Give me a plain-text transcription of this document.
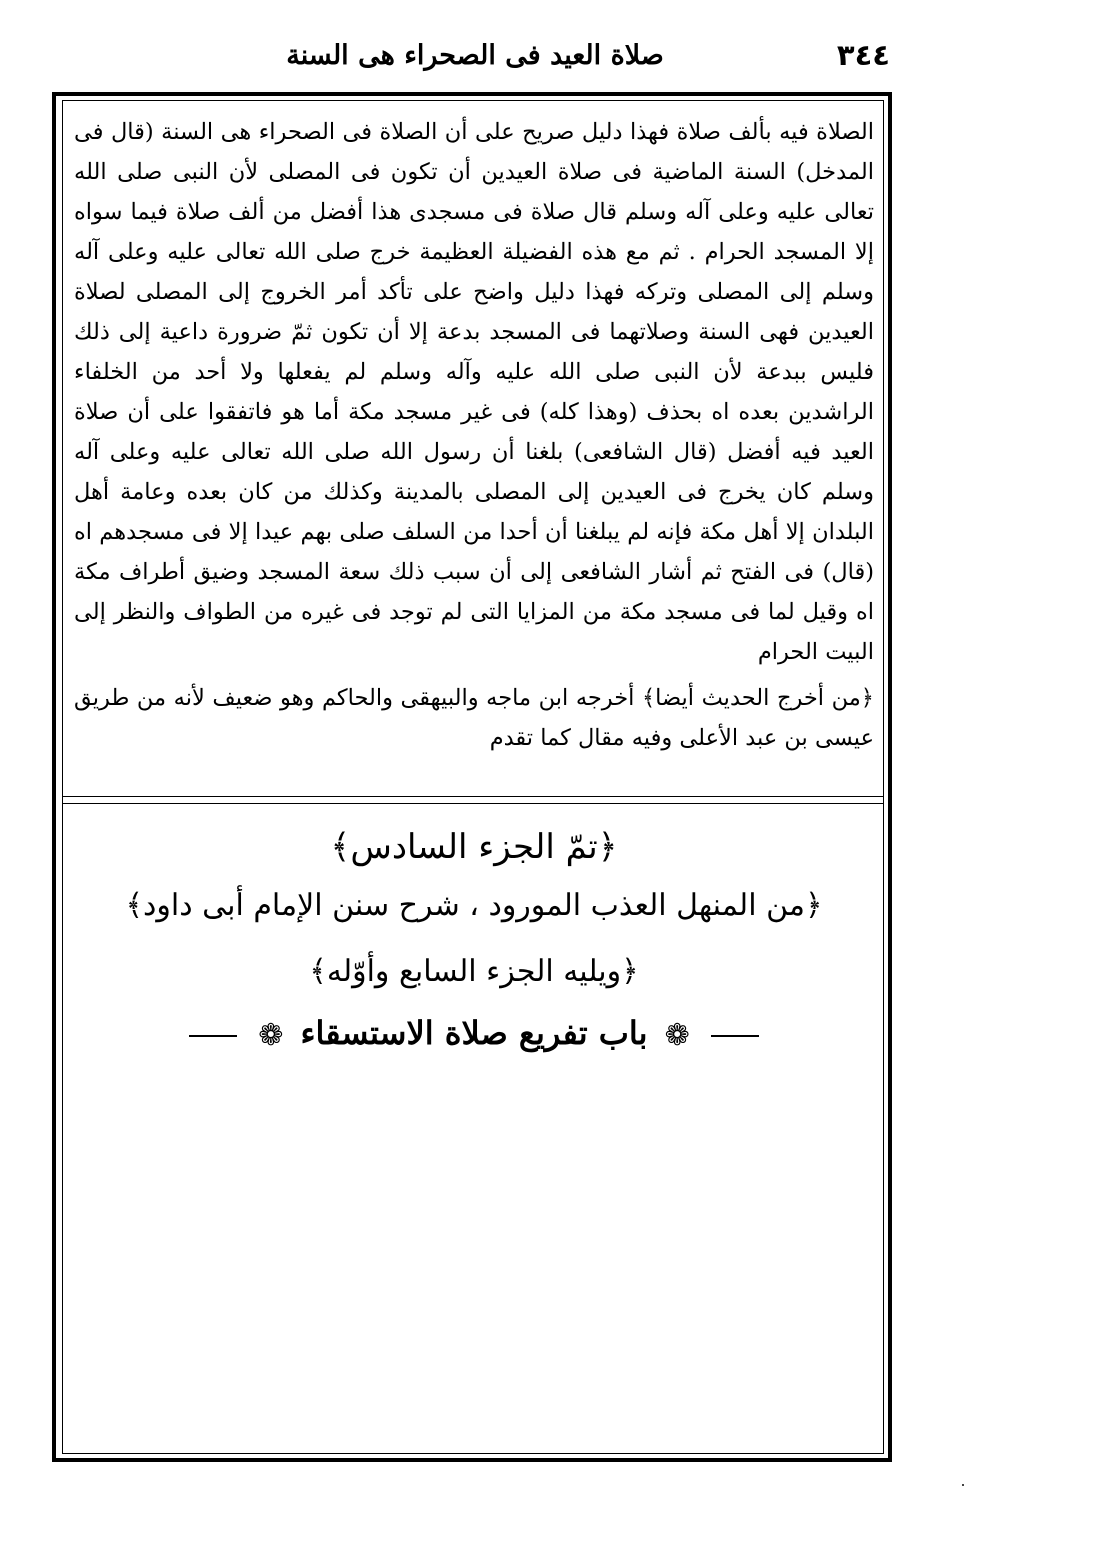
٣٤٤
صلاة العيد فى الصحراء هى السنة

الصلاة فيه بألف صلاة فهذا دليل صريح على أن الصلاة فى الصحراء هى السنة (قال فى المدخل) السنة الماضية فى صلاة العيدين أن تكون فى المصلى لأن النبى صلى الله تعالى عليه وعلى آله وسلم قال صلاة فى مسجدى هذا أفضل من ألف صلاة فيما سواه إلا المسجد الحرام . ثم مع هذه الفضيلة العظيمة خرج صلى الله تعالى عليه وعلى آله وسلم إلى المصلى وتركه فهذا دليل واضح على تأكد أمر الخروج إلى المصلى لصلاة العيدين فهى السنة وصلاتهما فى المسجد بدعة إلا أن تكون ثمّ ضرورة داعية إلى ذلك فليس ببدعة لأن النبى صلى الله عليه وآله وسلم لم يفعلها ولا أحد من الخلفاء الراشدين بعده اه بحذف (وهذا كله) فى غير مسجد مكة أما هو فاتفقوا على أن صلاة العيد فيه أفضل (قال الشافعى) بلغنا أن رسول الله صلى الله تعالى عليه وعلى آله وسلم كان يخرج فى العيدين إلى المصلى بالمدينة وكذلك من كان بعده وعامة أهل البلدان إلا أهل مكة فإنه لم يبلغنا أن أحدا من السلف صلى بهم عيدا إلا فى مسجدهم اه (قال) فى الفتح ثم أشار الشافعى إلى أن سبب ذلك سعة المسجد وضيق أطراف مكة اه وقيل لما فى مسجد مكة من المزايا التى لم توجد فى غيره من الطواف والنظر إلى البيت الحرام

﴿من أخرج الحديث أيضا﴾ أخرجه ابن ماجه والبيهقى والحاكم وهو ضعيف لأنه من طريق عيسى بن عبد الأعلى وفيه مقال كما تقدم

﴿تمّ الجزء السادس﴾
﴿من المنهل العذب المورود ، شرح سنن الإمام أبى داود﴾
﴿ويليه الجزء السابع وأوّله﴾
❁ باب تفريع صلاة الاستسقاء ❁
